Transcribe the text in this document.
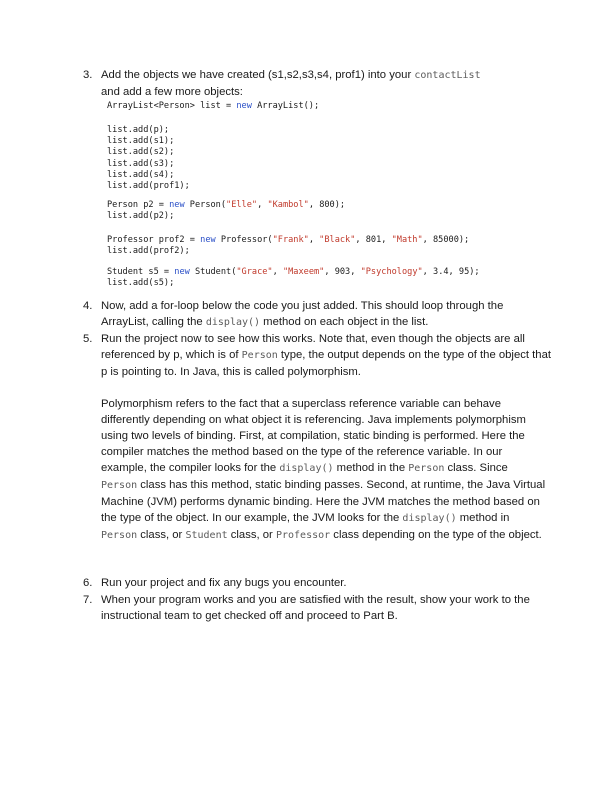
3. Add the objects we have created (s1,s2,s3,s4, prof1) into your contactList
and add a few more objects:
ArrayList<Person> list = new ArrayList();
list.add(p);
list.add(s1);
list.add(s2);
list.add(s3);
list.add(s4);
list.add(prof1);
Person p2 = new Person("Elle", "Kambol", 800);
list.add(p2);
Professor prof2 = new Professor("Frank", "Black", 801, "Math", 85000);
list.add(prof2);
Student s5 = new Student("Grace", "Maxeem", 903, "Psychology", 3.4, 95);
list.add(s5);
4. Now, add a for-loop below the code you just added. This should loop through the ArrayList, calling the display() method on each object in the list.
5. Run the project now to see how this works. Note that, even though the objects are all referenced by p, which is of Person type, the output depends on the type of the object that p is pointing to. In Java, this is called polymorphism.

Polymorphism refers to the fact that a superclass reference variable can behave differently depending on what object it is referencing. Java implements polymorphism using two levels of binding. First, at compilation, static binding is performed. Here the compiler matches the method based on the type of the reference variable. In our example, the compiler looks for the display() method in the Person class. Since Person class has this method, static binding passes. Second, at runtime, the Java Virtual Machine (JVM) performs dynamic binding. Here the JVM matches the method based on the type of the object. In our example, the JVM looks for the display() method in Person class, or Student class, or Professor class depending on the type of the object.

6. Run your project and fix any bugs you encounter.
7. When your program works and you are satisfied with the result, show your work to the instructional team to get checked off and proceed to Part B.
